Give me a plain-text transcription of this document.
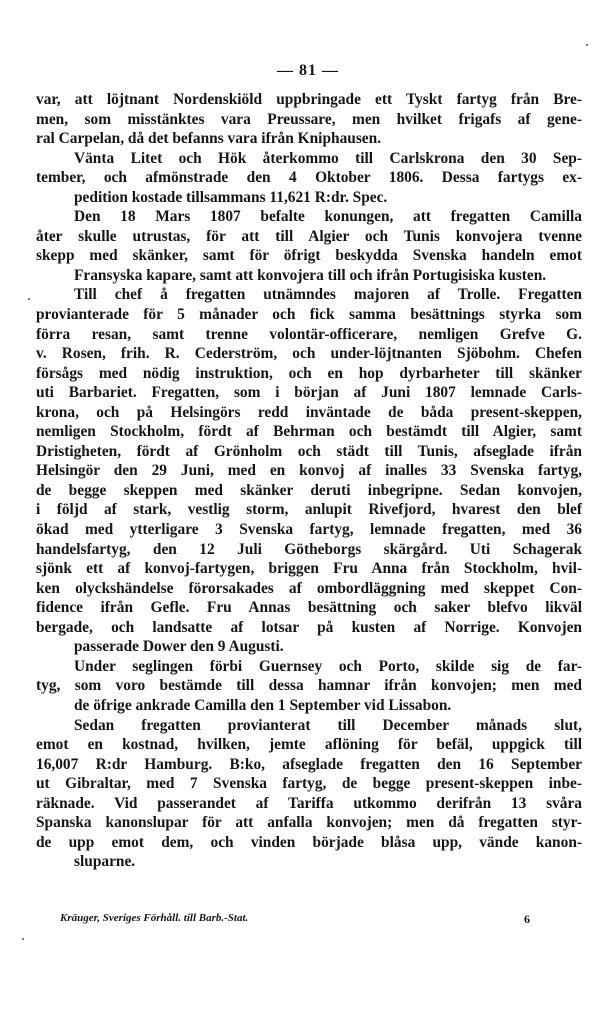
— 81 —

var, att löjtnant Nordenskiöld uppbringade ett Tyskt fartyg från Bre-
men, som misstänktes vara Preussare, men hvilket frigafs af gene-
ral Carpelan, då det befanns vara ifrån Kniphausen.

Vänta Litet och Hök återkommo till Carlskrona den 30 Sep-
tember, och afmönstrade den 4 Oktober 1806. Dessa fartygs ex-
pedition kostade tillsammans 11,621 R:dr. Spec.

Den 18 Mars 1807 befalte konungen, att fregatten Camilla
åter skulle utrustas, för att till Algier och Tunis konvojera tvenne
skepp med skänker, samt för öfrigt beskydda Svenska handeln emot
Fransyska kapare, samt att konvojera till och ifrån Portugisiska kusten.

Till chef å fregatten utnämndes majoren af Trolle. Fregatten
provianterade för 5 månader och fick samma besättnings styrka som
förra resan, samt trenne volontär-officerare, nemligen Grefve G.
v. Rosen, frih. R. Cederström, och under-löjtnanten Sjöbohm. Chefen
försågs med nödig instruktion, och en hop dyrbarheter till skänker
uti Barbariet. Fregatten, som i början af Juni 1807 lemnade Carls-
krona, och på Helsingörs redd inväntade de båda present-skeppen,
nemligen Stockholm, fördt af Behrman och bestämdt till Algier, samt
Dristigheten, fördt af Grönholm och städt till Tunis, afseglade ifrån
Helsingör den 29 Juni, med en konvoj af inalles 33 Svenska fartyg,
de begge skeppen med skänker deruti inbegripne. Sedan konvojen,
i följd af stark, vestlig storm, anlupit Rivefjord, hvarest den blef
ökad med ytterligare 3 Svenska fartyg, lemnade fregatten, med 36
handelsfartyg, den 12 Juli Götheborgs skärgård. Uti Schagerak
sjönk ett af konvoj-fartygen, briggen Fru Anna från Stockholm, hvil-
ken olyckshändelse förorsakades af ombordläggning med skeppet Con-
fidence ifrån Gefle. Fru Annas besättning och saker blefvo likväl
bergade, och landsatte af lotsar på kusten af Norrige. Konvojen
passerade Dower den 9 Augusti.

Under seglingen förbi Guernsey och Porto, skilde sig de far-
tyg, som voro bestämde till dessa hamnar ifrån konvojen; men med
de öfrige ankrade Camilla den 1 September vid Lissabon.

Sedan fregatten provianterat till December månads slut,
emot en kostnad, hvilken, jemte aflöning för befäl, uppgick till
16,007 R:dr Hamburg. B:ko, afseglade fregatten den 16 September
ut Gibraltar, med 7 Svenska fartyg, de begge present-skeppen inbe-
räknade. Vid passerandet af Tariffa utkommo derifrån 13 svåra
Spanska kanonslupar för att anfalla konvojen; men då fregatten styr-
de upp emot dem, och vinden började blåsa upp, vände kanon-
sluparne.

Kräuger, Sveriges Förhåll. till Barb.-Stat.	6
